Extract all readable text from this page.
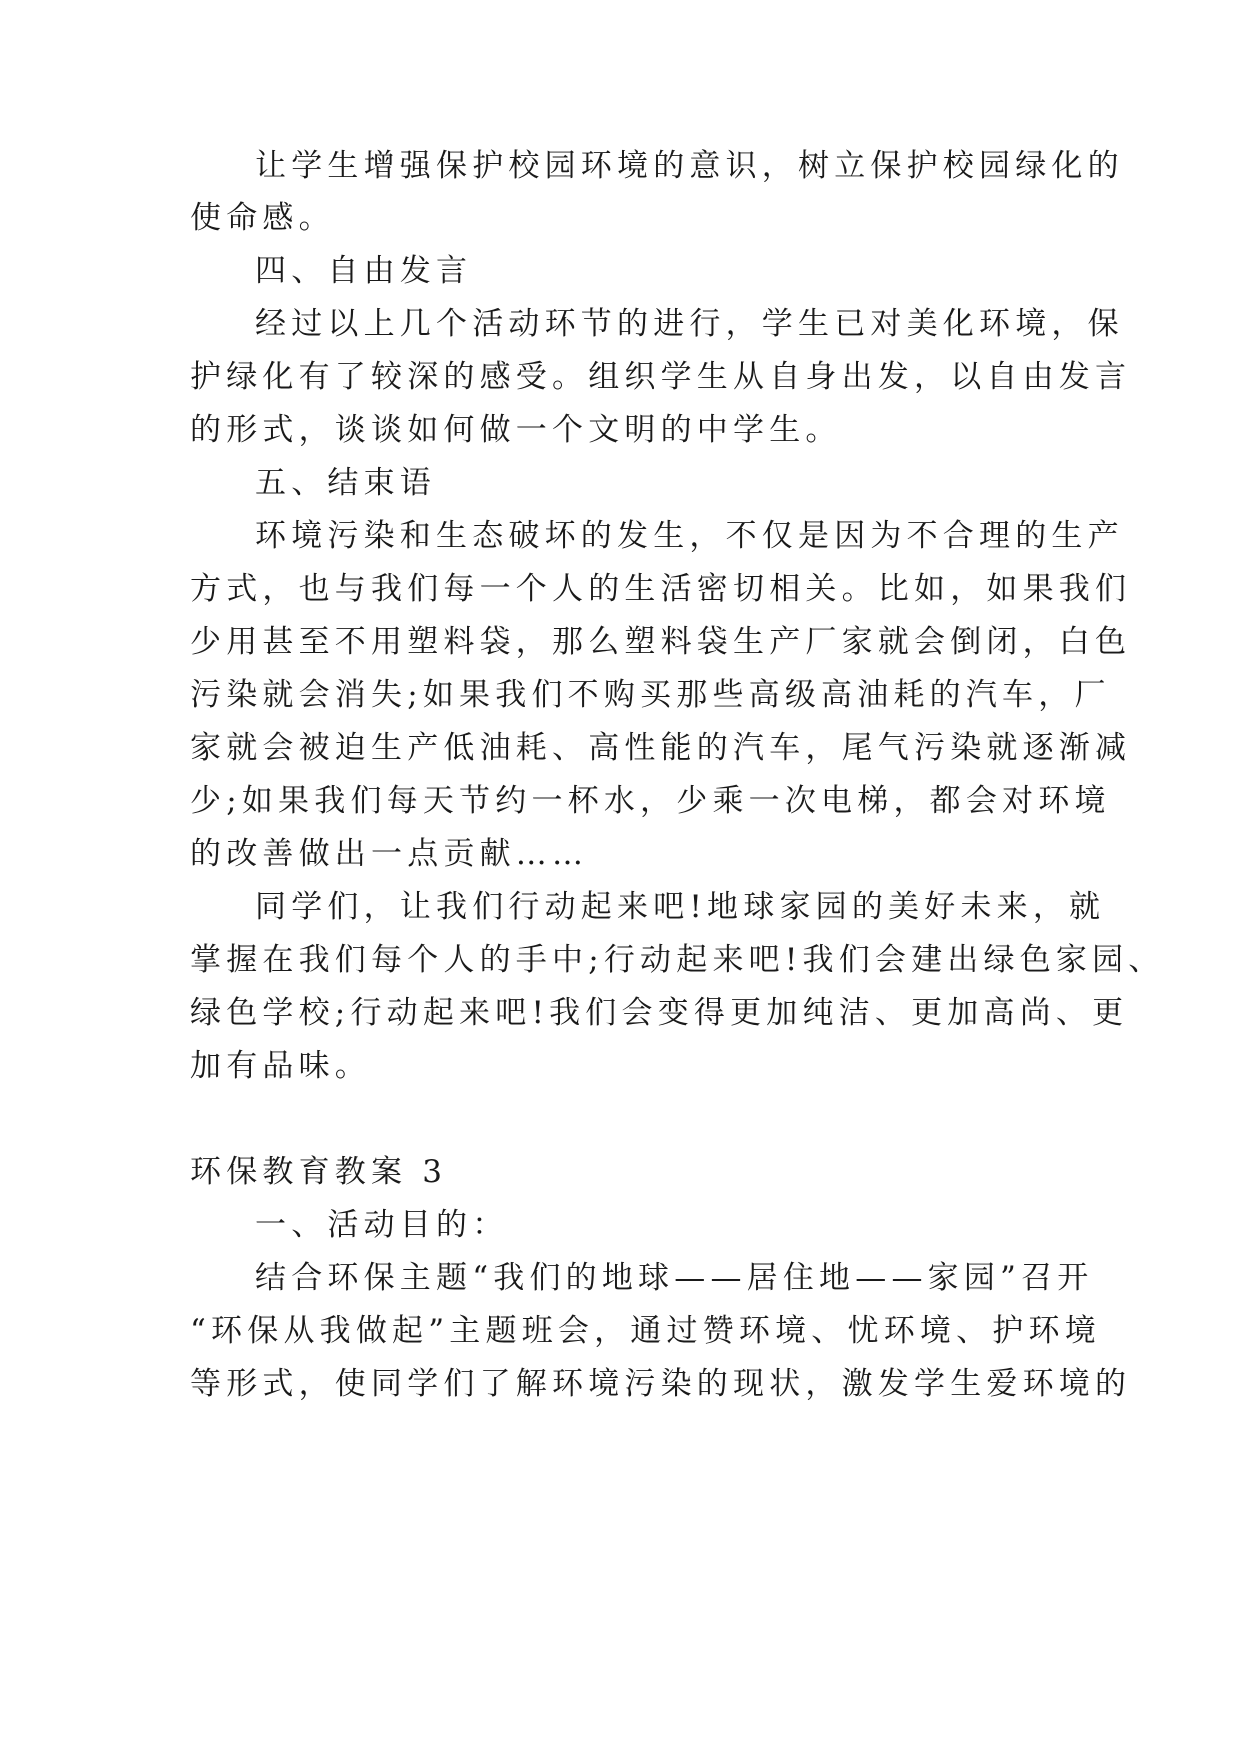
让学生增强保护校园环境的意识，树立保护校园绿化的
使命感。
四、自由发言
经过以上几个活动环节的进行，学生已对美化环境，保
护绿化有了较深的感受。组织学生从自身出发，以自由发言
的形式，谈谈如何做一个文明的中学生。
五、结束语
环境污染和生态破坏的发生，不仅是因为不合理的生产
方式，也与我们每一个人的生活密切相关。比如，如果我们
少用甚至不用塑料袋，那么塑料袋生产厂家就会倒闭，白色
污染就会消失;如果我们不购买那些高级高油耗的汽车，厂
家就会被迫生产低油耗、高性能的汽车，尾气污染就逐渐减
少;如果我们每天节约一杯水，少乘一次电梯，都会对环境
的改善做出一点贡献……
同学们，让我们行动起来吧!地球家园的美好未来，就
掌握在我们每个人的手中;行动起来吧!我们会建出绿色家园、
绿色学校;行动起来吧!我们会变得更加纯洁、更加高尚、更
加有品味。
环保教育教案 3
一、活动目的：
结合环保主题“我们的地球——居住地——家园”召开
“环保从我做起”主题班会，通过赞环境、忧环境、护环境
等形式，使同学们了解环境污染的现状，激发学生爱环境的
